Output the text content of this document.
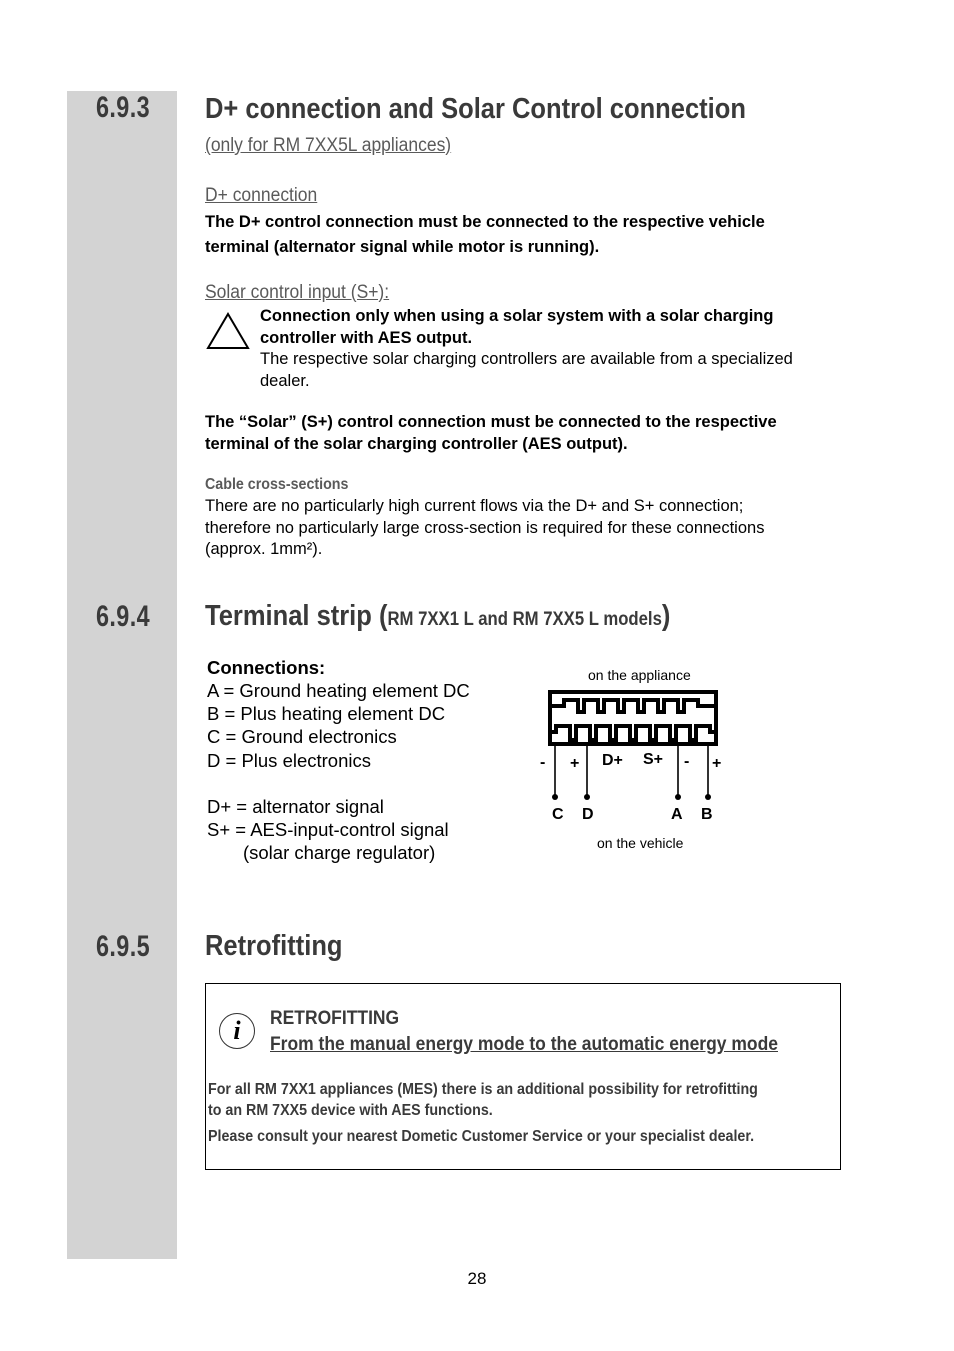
6.9.3 D+ connection and Solar Control connection
(only for RM 7XX5L appliances)
D+ connection
The D+ control connection must be connected to the respective vehicle
terminal (alternator signal while motor is running).
Solar control input (S+):
Connection only when using a solar system with a solar charging
controller with AES output.
The respective solar charging controllers are available from a specialized
dealer.
The “Solar” (S+) control connection must be connected to the respective
terminal of the solar charging controller (AES output).
Cable cross-sections
There are no particularly high current flows via the D+ and S+ connection;
therefore no particularly large cross-section is required for these connections
(approx. 1mm²).
6.9.4 Terminal strip (RM 7XX1 L and RM 7XX5 L models)
Connections:
A = Ground heating element DC
B = Plus heating element DC
C = Ground electronics
D = Plus electronics
D+ = alternator signal
S+ = AES-input-control signal
(solar charge regulator)
on the appliance
- + D+ S+ - +
C D	A B
on the vehicle
6.9.5 Retrofitting
i	RETROFITTING
From the manual energy mode to the automatic energy mode
For all RM 7XX1 appliances (MES) there is an additional possibility for retrofitting
to an RM 7XX5 device with AES functions.
Please consult your nearest Dometic Customer Service or your specialist dealer.
28
